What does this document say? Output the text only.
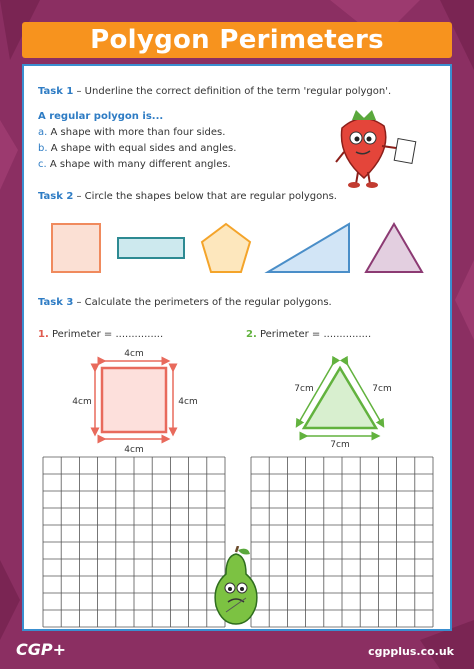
Polygon Perimeters
Task 1 – Underline the correct definition of the term 'regular polygon'.
A regular polygon is...
a. A shape with more than four sides.
b. A shape with equal sides and angles.
c. A shape with many different angles.
Task 2 – Circle the shapes below that are regular polygons.
Task 3 – Calculate the perimeters of the regular polygons.
1. Perimeter = ...............	2. Perimeter = ...............
4cm
4cm
4cm	4cm
7cm	7cm
7cm
CGP+	cgpplus.co.uk
